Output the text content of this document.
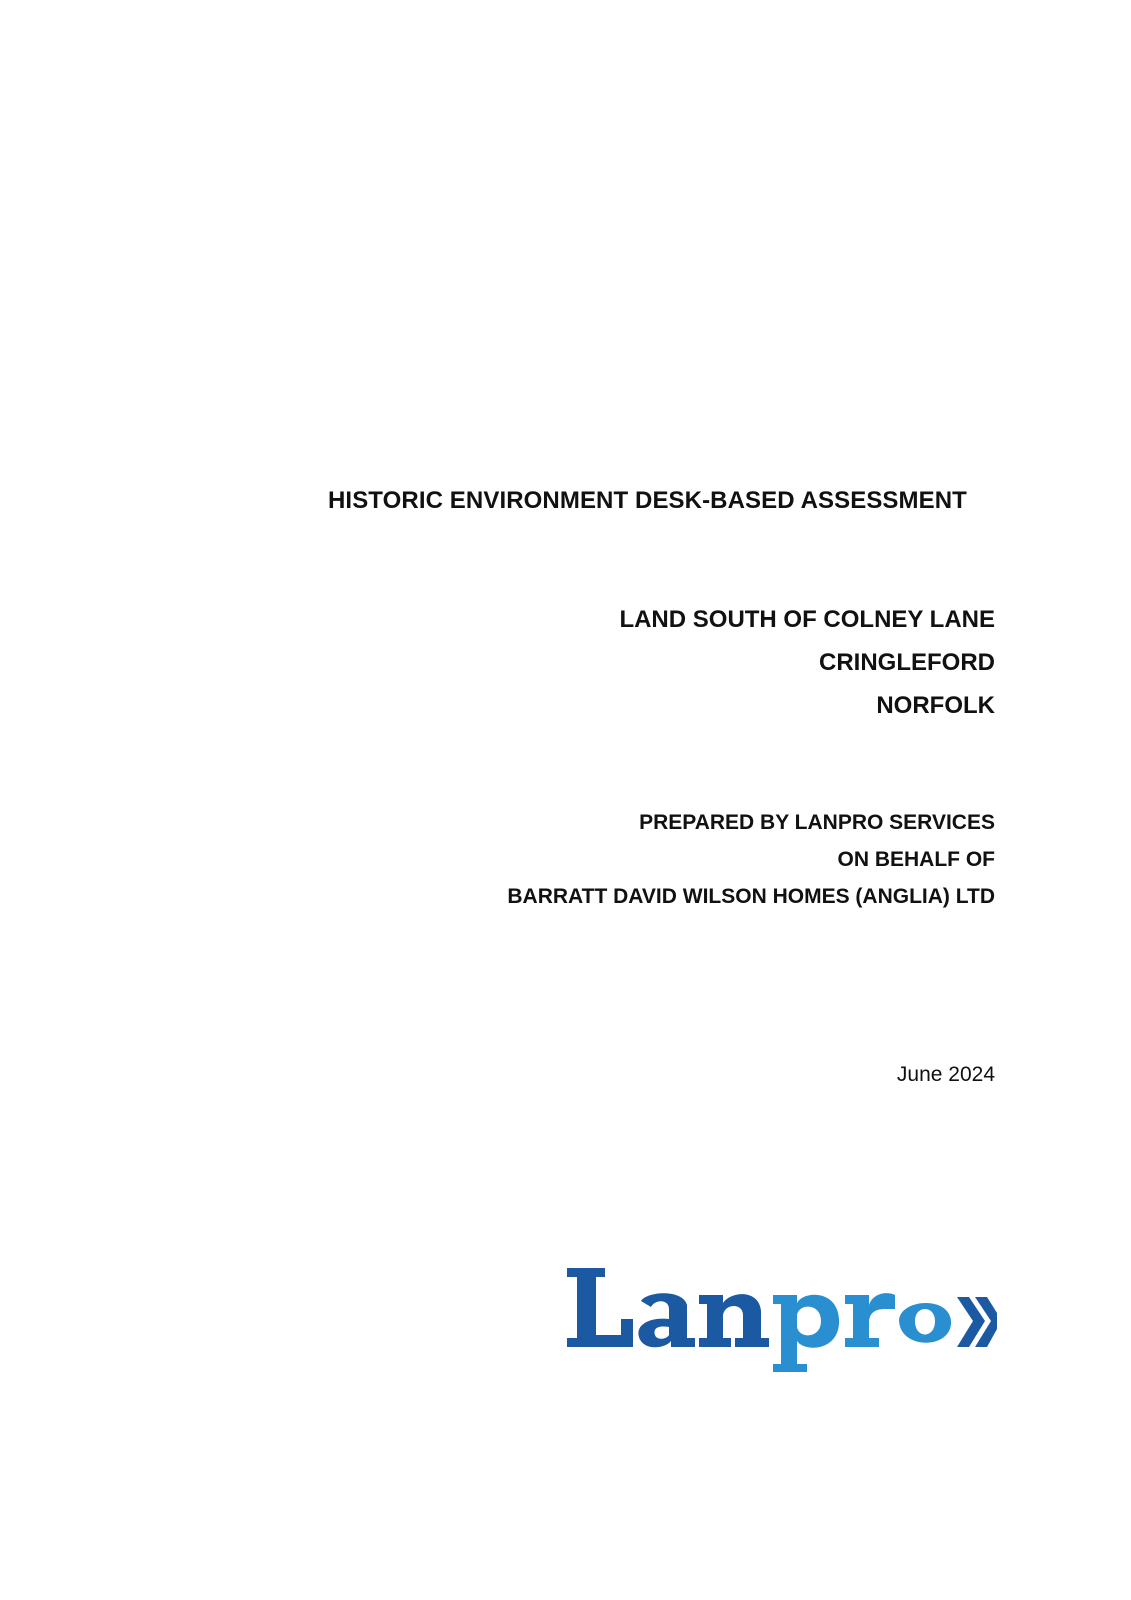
HISTORIC ENVIRONMENT DESK-BASED ASSESSMENT
LAND SOUTH OF COLNEY LANE
CRINGLEFORD
NORFOLK
PREPARED BY LANPRO SERVICES
ON BEHALF OF
BARRATT DAVID WILSON HOMES (ANGLIA) LTD
June 2024
